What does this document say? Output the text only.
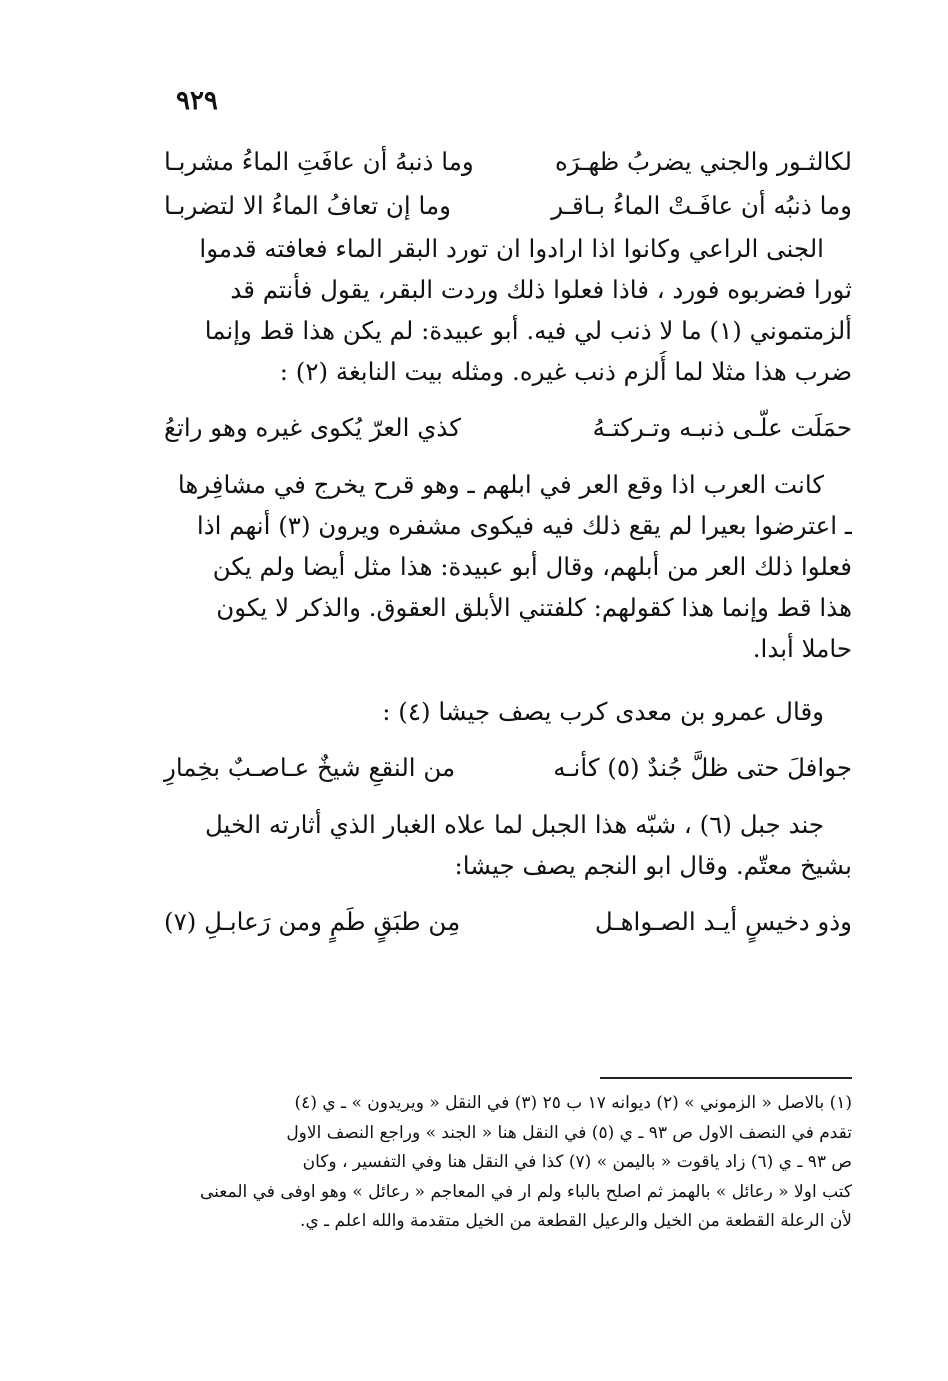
٩٢٩
لكالثـور والجني يضربُ ظهـرَه
وما ذنبهُ أن عافَتِ الماءُ مشربـا
وما ذنبُه أن عافَـتْ الماءُ بـاقـر
وما إن تعافُ الماءُ الا لتضربـا
الجنى الراعي وكانوا اذا ارادوا ان تورد البقر الماء فعافته قدموا
ثورا فضربوه فورد ، فاذا فعلوا ذلك وردت البقر، يقول فأنتم قد
ألزمتموني (١) ما لا ذنب لي فيه. أبو عبيدة: لم يكن هذا قط وإنما
ضرب هذا مثلا لما أُلزم ذنب غيره. ومثله بيت النابغة (٢) :
حمَلَت علّـى ذنبـه وتـركتـهُ
كذي العرّ يُكوى غيره وهو راتعُ
كانت العرب اذا وقع العر في ابلهم ـ وهو قرح يخرج في مشافِرها
ـ اعترضوا بعيرا لم يقع ذلك فيه فيكوى مشفره ويرون (٣) أنهم اذا
فعلوا ذلك العر من أبلهم، وقال أبو عبيدة: هذا مثل أيضا ولم يكن
هذا قط وإنما هذا كقولهم: كلفتني الأبلق العقوق. والذكر لا يكون
حاملا أبدا.
وقال عمرو بن معدى كرب يصف جيشا (٤) :
جوافلَ حتى ظلَّ جُندٌ (٥) كأنـه
من النقعِ شيخٌ عـاصـبٌ بخِمارِ
جند جبل (٦) ، شبّه هذا الجبل لما علاه الغبار الذي أثارته الخيل
بشيخ معتّم. وقال ابو النجم يصف جيشا:
وذو دخيسٍ أيـد الصـواهـل
مِن طبَقٍ طَمٍ ومن رَعابـلِ (٧)
(١) بالاصل « الزموني » (٢) ديوانه ١٧ ب ٢٥ (٣) في النقل « ويريدون » ـ ي (٤)
تقدم في النصف الاول ص ٩٣ ـ ي (٥) في النقل هنا « الجند » وراجع النصف الاول
ص ٩٣ ـ ي (٦) زاد ياقوت « باليمن » (٧) كذا في النقل هنا وفي التفسير ، وكان
كتب اولا « رعائل » بالهمز ثم اصلح بالباء ولم ار في المعاجم « رعائل » وهو اوفى في المعنى
لأن الرعلة القطعة من الخيل والرعيل القطعة من الخيل متقدمة والله اعلم ـ ي.
